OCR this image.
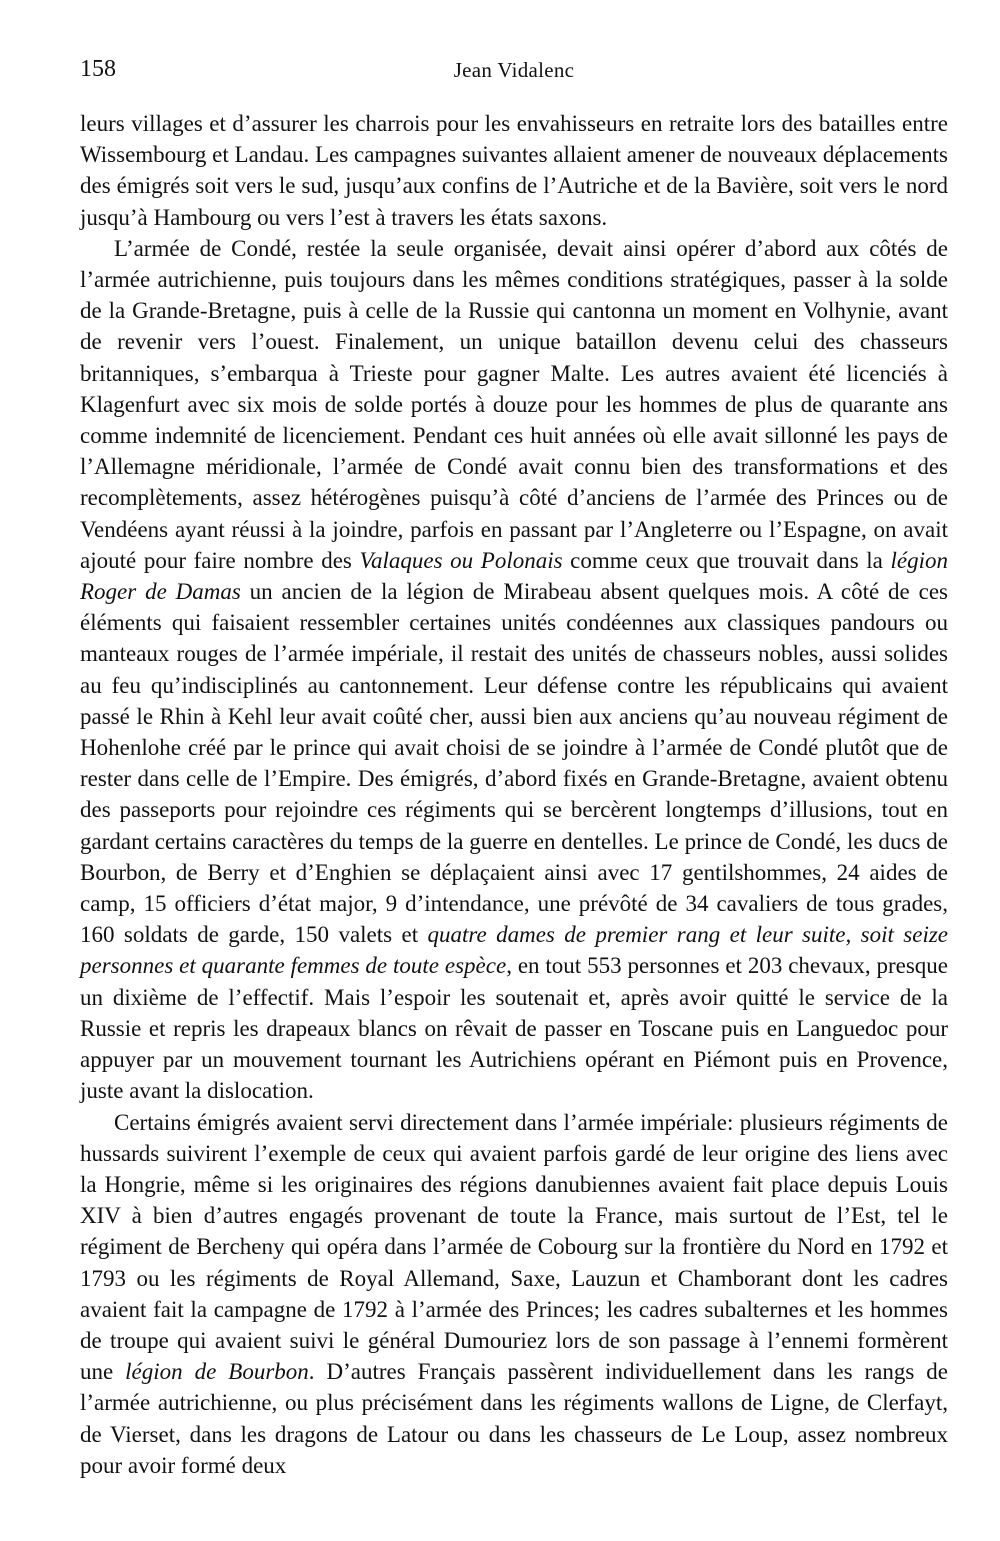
158	Jean Vidalenc

leurs villages et d’assurer les charrois pour les envahisseurs en retraite lors des batailles entre Wissembourg et Landau. Les campagnes suivantes allaient amener de nouveaux déplacements des émigrés soit vers le sud, jusqu’aux confins de l’Autriche et de la Bavière, soit vers le nord jusqu’à Hambourg ou vers l’est à travers les états saxons.

L’armée de Condé, restée la seule organisée, devait ainsi opérer d’abord aux côtés de l’armée autrichienne, puis toujours dans les mêmes conditions stratégiques, passer à la solde de la Grande-Bretagne, puis à celle de la Russie qui cantonna un moment en Volhynie, avant de revenir vers l’ouest. Finalement, un unique bataillon devenu celui des chasseurs britanniques, s’embarqua à Trieste pour gagner Malte. Les autres avaient été licenciés à Klagenfurt avec six mois de solde portés à douze pour les hommes de plus de quarante ans comme indemnité de licenciement. Pendant ces huit années où elle avait sillonné les pays de l’Allemagne méridionale, l’armée de Condé avait connu bien des transformations et des recomplètements, assez hétérogènes puisqu’à côté d’anciens de l’armée des Princes ou de Vendéens ayant réussi à la joindre, parfois en passant par l’Angleterre ou l’Espagne, on avait ajouté pour faire nombre des Valaques ou Polonais comme ceux que trouvait dans la légion Roger de Damas un ancien de la légion de Mirabeau absent quelques mois. A côté de ces éléments qui faisaient ressembler certaines unités condéennes aux classiques pandours ou manteaux rouges de l’armée impériale, il restait des unités de chasseurs nobles, aussi solides au feu qu’indisciplinés au cantonnement. Leur défense contre les républicains qui avaient passé le Rhin à Kehl leur avait coûté cher, aussi bien aux anciens qu’au nouveau régiment de Hohenlohe créé par le prince qui avait choisi de se joindre à l’armée de Condé plutôt que de rester dans celle de l’Empire. Des émigrés, d’abord fixés en Grande-Bretagne, avaient obtenu des passeports pour rejoindre ces régiments qui se bercèrent longtemps d’illusions, tout en gardant certains caractères du temps de la guerre en dentelles. Le prince de Condé, les ducs de Bourbon, de Berry et d’Enghien se déplaçaient ainsi avec 17 gentilshommes, 24 aides de camp, 15 officiers d’état major, 9 d’intendance, une prévôté de 34 cavaliers de tous grades, 160 soldats de garde, 150 valets et quatre dames de premier rang et leur suite, soit seize personnes et quarante femmes de toute espèce, en tout 553 personnes et 203 chevaux, presque un dixième de l’effectif. Mais l’espoir les soutenait et, après avoir quitté le service de la Russie et repris les drapeaux blancs on rêvait de passer en Toscane puis en Languedoc pour appuyer par un mouvement tournant les Autrichiens opérant en Piémont puis en Provence, juste avant la dislocation.

Certains émigrés avaient servi directement dans l’armée impériale: plusieurs régiments de hussards suivirent l’exemple de ceux qui avaient parfois gardé de leur origine des liens avec la Hongrie, même si les originaires des régions danubiennes avaient fait place depuis Louis XIV à bien d’autres engagés provenant de toute la France, mais surtout de l’Est, tel le régiment de Bercheny qui opéra dans l’armée de Cobourg sur la frontière du Nord en 1792 et 1793 ou les régiments de Royal Allemand, Saxe, Lauzun et Chamborant dont les cadres avaient fait la campagne de 1792 à l’armée des Princes; les cadres subalternes et les hommes de troupe qui avaient suivi le général Dumouriez lors de son passage à l’ennemi formèrent une légion de Bourbon. D’autres Français passèrent individuellement dans les rangs de l’armée autrichienne, ou plus précisément dans les régiments wallons de Ligne, de Clerfayt, de Vierset, dans les dragons de Latour ou dans les chasseurs de Le Loup, assez nombreux pour avoir formé deux
